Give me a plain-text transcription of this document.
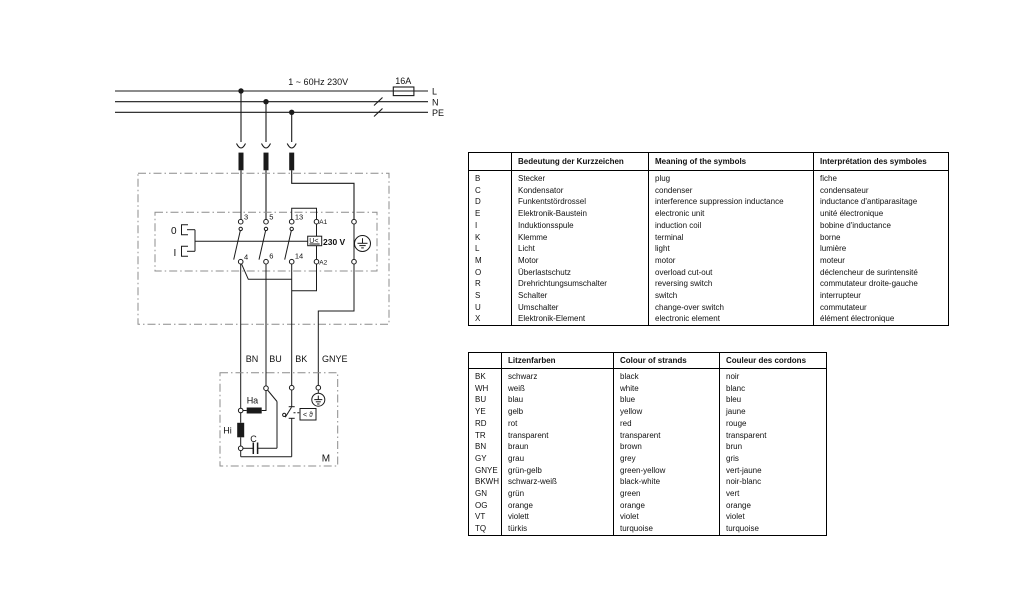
1 ~ 60Hz 230V	16A
L
N
PE
0
I
3	5	13
4	6	14
U< 230 V
BN BU BK GNYE
Ha
Hi
C
< ϑ
M
A1
A2
	Bedeutung der Kurzzeichen	Meaning of the symbols	Interprétation des symboles
B	Stecker	plug	fiche
C	Kondensator	condenser	condensateur
D	Funkentstördrossel	interference suppression inductance	inductance d'antiparasitage
E	Elektronik-Baustein	electronic unit	unité électronique
I	Induktionsspule	induction coil	bobine d'inductance
K	Klemme	terminal	borne
L	Licht	light	lumière
M	Motor	motor	moteur
O	Überlastschutz	overload cut-out	déclencheur de surintensité
R	Drehrichtungsumschalter	reversing switch	commutateur droite-gauche
S	Schalter	switch	interrupteur
U	Umschalter	change-over switch	commutateur
X	Elektronik-Element	electronic element	élément électronique
	Litzenfarben	Colour of strands	Couleur des cordons
BK	schwarz	black	noir
WH	weiß	white	blanc
BU	blau	blue	bleu
YE	gelb	yellow	jaune
RD	rot	red	rouge
TR	transparent	transparent	transparent
BN	braun	brown	brun
GY	grau	grey	gris
GNYE	grün-gelb	green-yellow	vert-jaune
BKWH	schwarz-weiß	black-white	noir-blanc
GN	grün	green	vert
OG	orange	orange	orange
VT	violett	violet	violet
TQ	türkis	turquoise	turquoise
